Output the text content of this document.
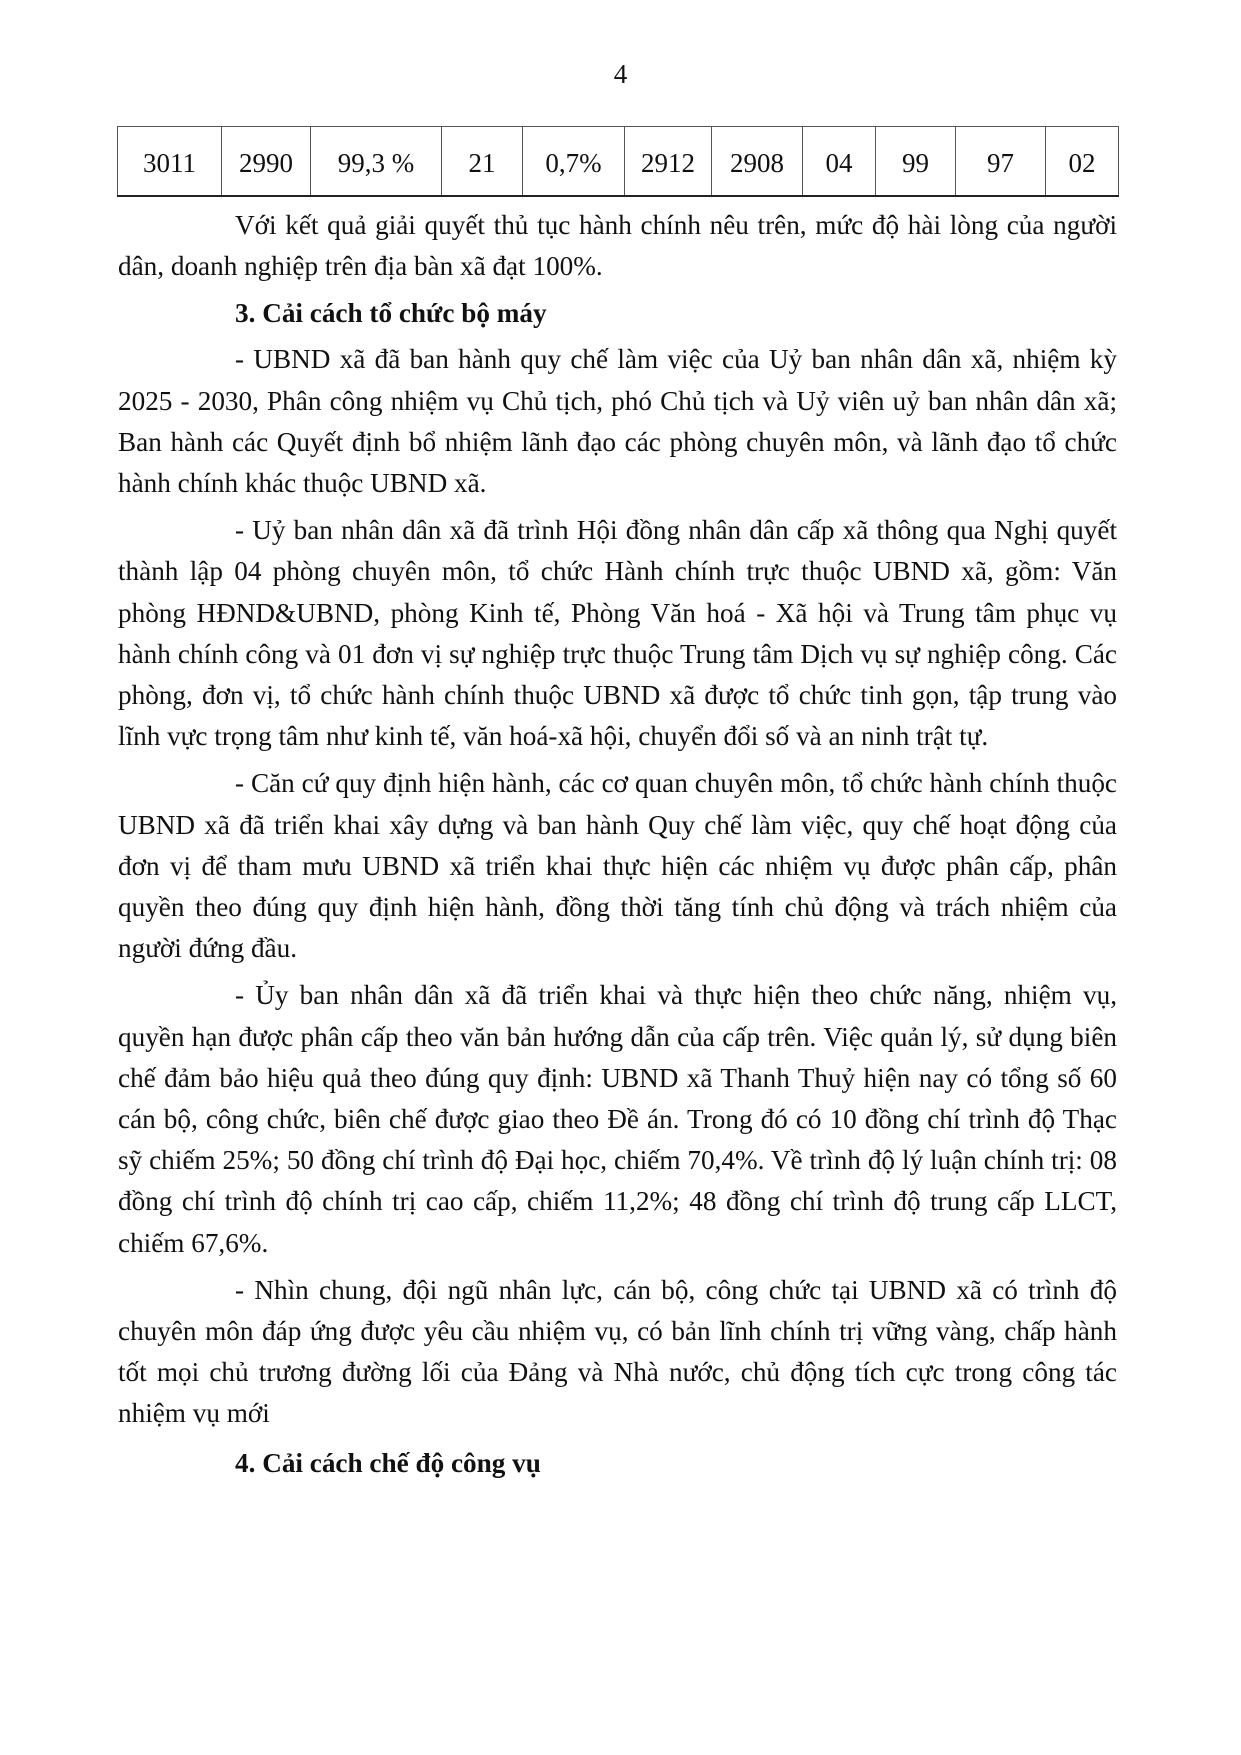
4
3011	2990	99,3 %	21	0,7%	2912	2908	04	99	97	02

Với kết quả giải quyết thủ tục hành chính nêu trên, mức độ hài lòng của người dân, doanh nghiệp trên địa bàn xã đạt 100%.

3. Cải cách tổ chức bộ máy

- UBND xã đã ban hành quy chế làm việc của Uỷ ban nhân dân xã, nhiệm kỳ 2025 - 2030, Phân công nhiệm vụ Chủ tịch, phó Chủ tịch và Uỷ viên uỷ ban nhân dân xã; Ban hành các Quyết định bổ nhiệm lãnh đạo các phòng chuyên môn, và lãnh đạo tổ chức hành chính khác thuộc UBND xã.

- Uỷ ban nhân dân xã đã trình Hội đồng nhân dân cấp xã thông qua Nghị quyết thành lập 04 phòng chuyên môn, tổ chức Hành chính trực thuộc UBND xã, gồm: Văn phòng HĐND&UBND, phòng Kinh tế, Phòng Văn hoá - Xã hội và Trung tâm phục vụ hành chính công và 01 đơn vị sự nghiệp trực thuộc Trung tâm Dịch vụ sự nghiệp công. Các phòng, đơn vị, tổ chức hành chính thuộc UBND xã được tổ chức tinh gọn, tập trung vào lĩnh vực trọng tâm như kinh tế, văn hoá-xã hội, chuyển đổi số và an ninh trật tự.

- Căn cứ quy định hiện hành, các cơ quan chuyên môn, tổ chức hành chính thuộc UBND xã đã triển khai xây dựng và ban hành Quy chế làm việc, quy chế hoạt động của đơn vị để tham mưu UBND xã triển khai thực hiện các nhiệm vụ được phân cấp, phân quyền theo đúng quy định hiện hành, đồng thời tăng tính chủ động và trách nhiệm của người đứng đầu.

- Ủy ban nhân dân xã đã triển khai và thực hiện theo chức năng, nhiệm vụ, quyền hạn được phân cấp theo văn bản hướng dẫn của cấp trên. Việc quản lý, sử dụng biên chế đảm bảo hiệu quả theo đúng quy định: UBND xã Thanh Thuỷ hiện nay có tổng số 60 cán bộ, công chức, biên chế được giao theo Đề án. Trong đó có 10 đồng chí trình độ Thạc sỹ chiếm 25%; 50 đồng chí trình độ Đại học, chiếm 70,4%. Về trình độ lý luận chính trị: 08 đồng chí trình độ chính trị cao cấp, chiếm 11,2%; 48 đồng chí trình độ trung cấp LLCT, chiếm 67,6%.

- Nhìn chung, đội ngũ nhân lực, cán bộ, công chức tại UBND xã có trình độ chuyên môn đáp ứng được yêu cầu nhiệm vụ, có bản lĩnh chính trị vững vàng, chấp hành tốt mọi chủ trương đường lối của Đảng và Nhà nước, chủ động tích cực trong công tác nhiệm vụ mới

4. Cải cách chế độ công vụ
